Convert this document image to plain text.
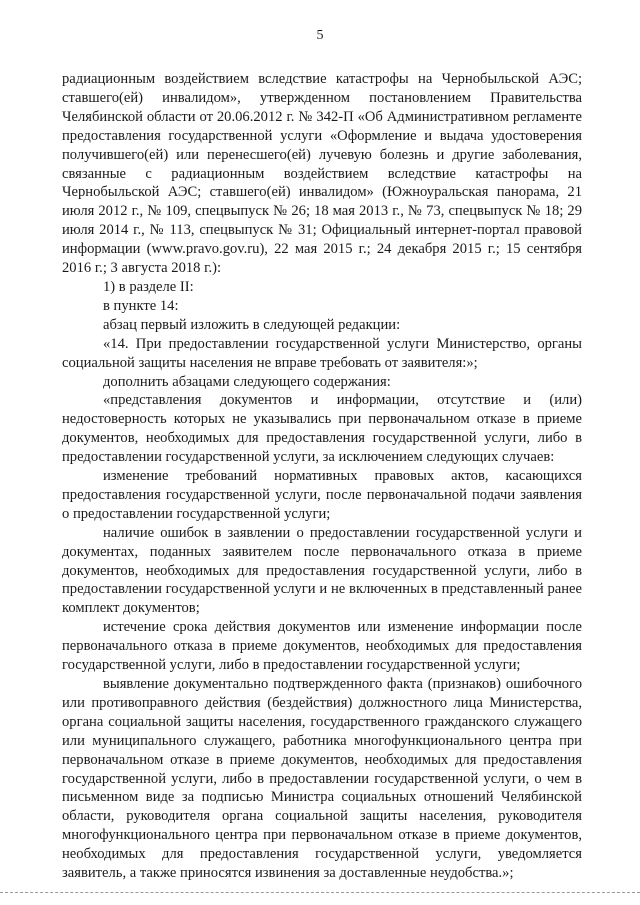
5

радиационным воздействием вследствие катастрофы на Чернобыльской АЭС; ставшего(ей) инвалидом», утвержденном постановлением Правительства Челябинской области от 20.06.2012 г. № 342-П «Об Административном регламенте предоставления государственной услуги «Оформление и выдача удостоверения получившего(ей) или перенесшего(ей) лучевую болезнь и другие заболевания, связанные с радиационным воздействием вследствие катастрофы на Чернобыльской АЭС; ставшего(ей) инвалидом» (Южноуральская панорама, 21 июля 2012 г., № 109, спецвыпуск № 26; 18 мая 2013 г., № 73, спецвыпуск № 18; 29 июля 2014 г., № 113, спецвыпуск № 31; Официальный интернет-портал правовой информации (www.pravo.gov.ru), 22 мая 2015 г.; 24 декабря 2015 г.; 15 сентября 2016 г.; 3 августа 2018 г.):

1) в разделе II:

в пункте 14:

абзац первый изложить в следующей редакции:

«14. При предоставлении государственной услуги Министерство, органы социальной защиты населения не вправе требовать от заявителя:»;

дополнить абзацами следующего содержания:

«представления документов и информации, отсутствие и (или) недостоверность которых не указывались при первоначальном отказе в приеме документов, необходимых для предоставления государственной услуги, либо в предоставлении государственной услуги, за исключением следующих случаев:

изменение требований нормативных правовых актов, касающихся предоставления государственной услуги, после первоначальной подачи заявления о предоставлении государственной услуги;

наличие ошибок в заявлении о предоставлении государственной услуги и документах, поданных заявителем после первоначального отказа в приеме документов, необходимых для предоставления государственной услуги, либо в предоставлении государственной услуги и не включенных в представленный ранее комплект документов;

истечение срока действия документов или изменение информации после первоначального отказа в приеме документов, необходимых для предоставления государственной услуги, либо в предоставлении государственной услуги;

выявление документально подтвержденного факта (признаков) ошибочного или противоправного действия (бездействия) должностного лица Министерства, органа социальной защиты населения, государственного гражданского служащего или муниципального служащего, работника многофункционального центра при первоначальном отказе в приеме документов, необходимых для предоставления государственной услуги, либо в предоставлении государственной услуги, о чем в письменном виде за подписью Министра социальных отношений Челябинской области, руководителя органа социальной защиты населения, руководителя многофункционального центра при первоначальном отказе в приеме документов, необходимых для предоставления государственной услуги, уведомляется заявитель, а также приносятся извинения за доставленные неудобства.»;
